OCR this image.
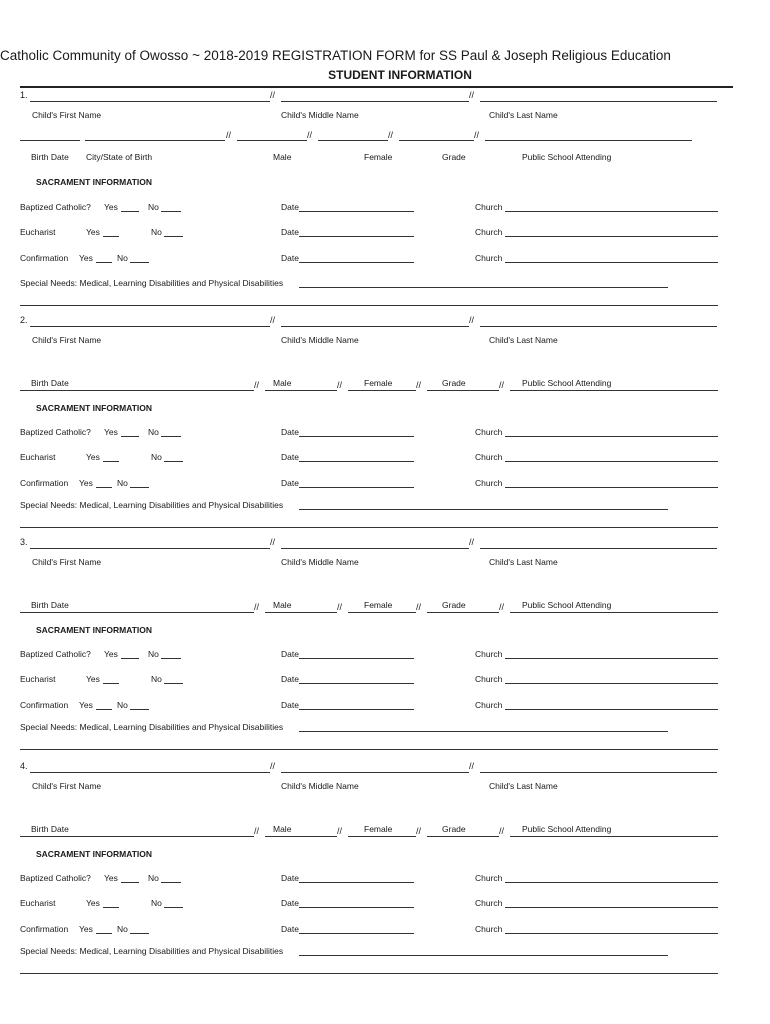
Catholic Community of Owosso ~ 2018-2019 REGISTRATION FORM for SS Paul & Joseph Religious Education
STUDENT INFORMATION
1.	//	//
Child's First Name	Child's Middle Name	Child's Last Name
//	//	//	//
Birth Date City/State of Birth	Male	Female	Grade	Public School Attending
SACRAMENT INFORMATION
Baptized Catholic? Yes	No	Date	Church
Eucharist	Yes	No	Date	Church
Confirmation Yes	No	Date	Church
Special Needs: Medical, Learning Disabilities and Physical Disabilities
2.	//	//
Child's First Name	Child's Middle Name	Child's Last Name
//	//	//	//
Birth Date	Male	Female	Grade	Public School Attending
SACRAMENT INFORMATION
Baptized Catholic? Yes	No	Date	Church
Eucharist	Yes	No	Date	Church
Confirmation Yes	No	Date	Church
Special Needs: Medical, Learning Disabilities and Physical Disabilities
3.	//	//
Child's First Name	Child's Middle Name	Child's Last Name
//	//	//	//
Birth Date	Male	Female	Grade	Public School Attending
SACRAMENT INFORMATION
Baptized Catholic? Yes	No	Date	Church
Eucharist	Yes	No	Date	Church
Confirmation Yes	No	Date	Church
Special Needs: Medical, Learning Disabilities and Physical Disabilities
4.	//	//
Child's First Name	Child's Middle Name	Child's Last Name
//	//	//	//
Birth Date	Male	Female	Grade	Public School Attending
SACRAMENT INFORMATION
Baptized Catholic? Yes	No	Date	Church
Eucharist	Yes	No	Date	Church
Confirmation Yes	No	Date	Church
Special Needs: Medical, Learning Disabilities and Physical Disabilities
